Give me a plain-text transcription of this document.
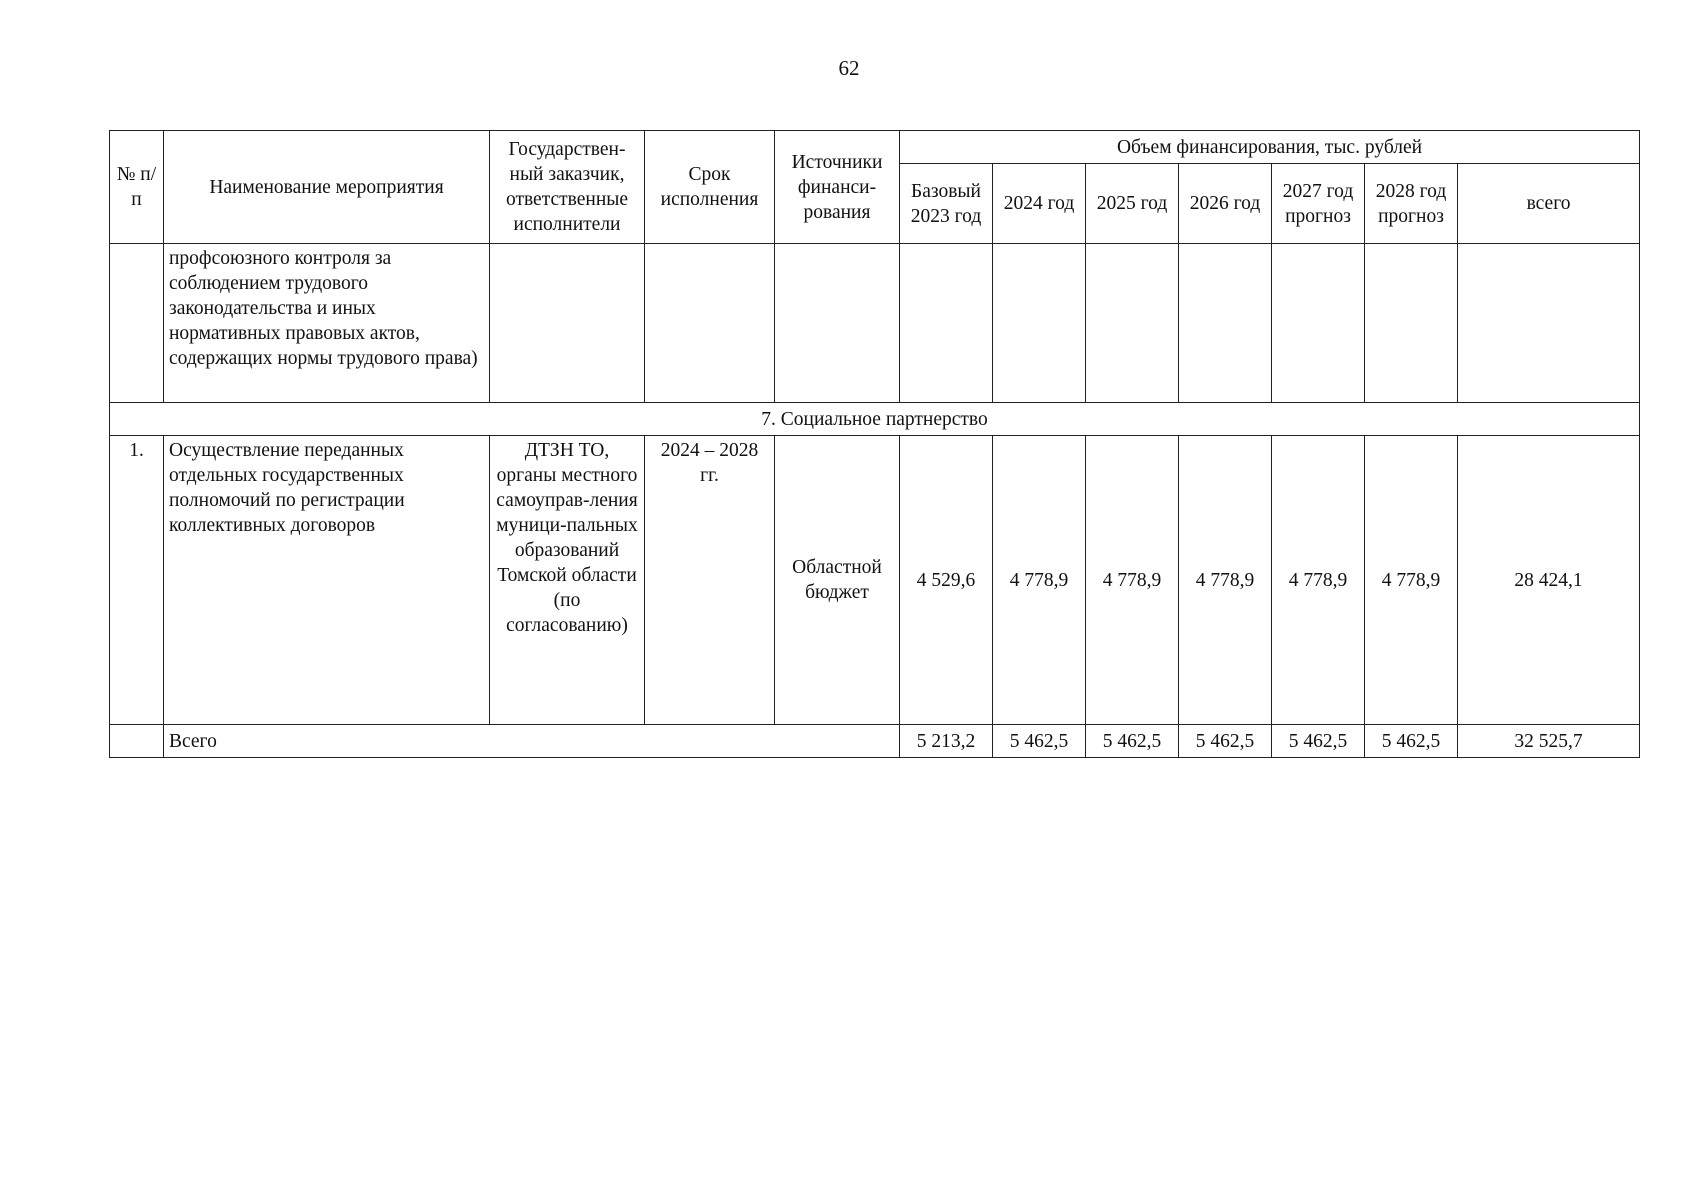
62
№ п/п	Наименование мероприятия	Государствен-ный заказчик, ответственные исполнители	Срок исполнения	Источники финанси-рования	Объем финансирования, тыс. рублей						
					Базовый 2023 год	2024 год	2025 год	2026 год	2027 год прогноз	2028 год прогноз	всего
	профсоюзного контроля за соблюдением трудового законодательства и иных нормативных правовых актов, содержащих нормы трудового права)										
7. Социальное партнерство											
1.	Осуществление переданных отдельных государственных полномочий по регистрации коллективных договоров	ДТЗН ТО, органы местного самоуправ-ления муници-пальных образований Томской области (по согласованию)	2024 – 2028 гг.	Областной бюджет	4 529,6	4 778,9	4 778,9	4 778,9	4 778,9	4 778,9	28 424,1
	Всего				5 213,2	5 462,5	5 462,5	5 462,5	5 462,5	5 462,5	32 525,7
